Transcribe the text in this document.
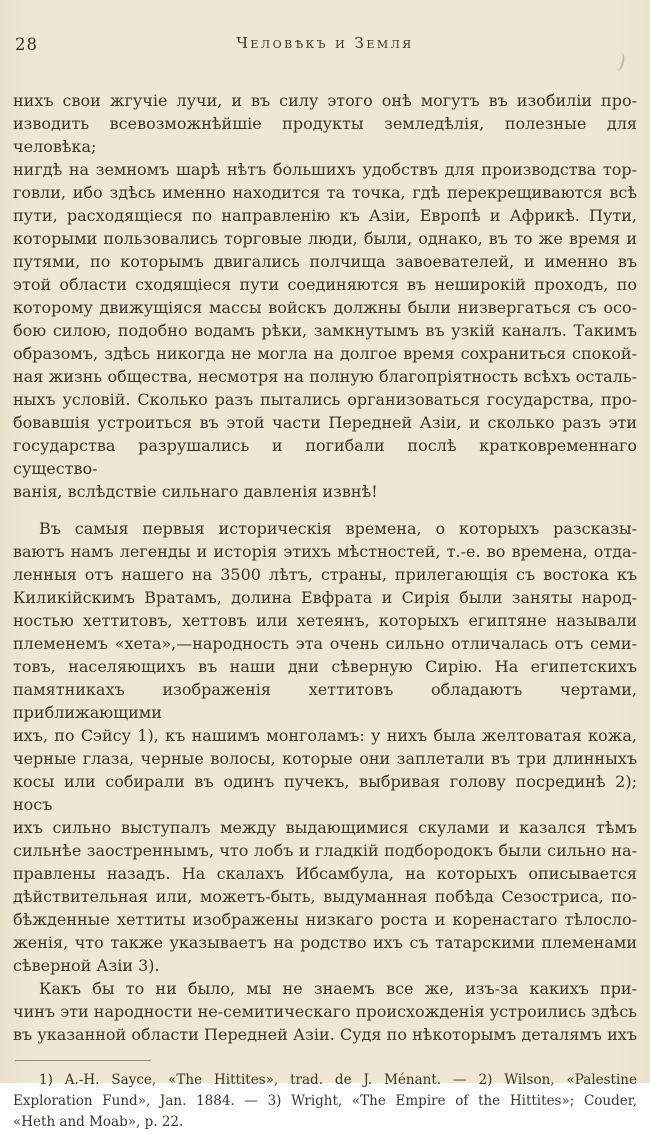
28	Человѣкъ и Земля
нихъ свои жгучіе лучи, и въ силу этого онѣ могутъ въ изобиліи про-
изводить всевозможнѣйшіе продукты земледѣлія, полезные для человѣка;
нигдѣ на земномъ шарѣ нѣтъ большихъ удобствъ для производства тор-
говли, ибо здѣсь именно находится та точка, гдѣ перекрещиваются всѣ
пути, расходящіеся по направленію къ Азіи, Европѣ и Африкѣ. Пути,
которыми пользовались торговые люди, были, однако, въ то же время и
путями, по которымъ двигались полчища завоевателей, и именно въ
этой области сходящіеся пути соединяются въ неширокій проходъ, по
которому движущіяся массы войскъ должны были низвергаться съ осо-
бою силою, подобно водамъ рѣки, замкнутымъ въ узкій каналъ. Такимъ
образомъ, здѣсь никогда не могла на долгое время сохраниться спокой-
ная жизнь общества, несмотря на полную благопріятность всѣхъ осталь-
ныхъ условій. Сколько разъ пытались организоваться государства, про-
бовавшія устроиться въ этой части Передней Азіи, и сколько разъ эти
государства разрушались и погибали послѣ кратковременнаго существо-
ванія, вслѣдствіе сильнаго давленія извнѣ!
Въ самыя первыя историческія времена, о которыхъ разсказы-
ваютъ намъ легенды и исторія этихъ мѣстностей, т.-е. во времена, отда-
ленныя отъ нашего на 3500 лѣтъ, страны, прилегающія съ востока къ
Киликійскимъ Вратамъ, долина Евфрата и Сирія были заняты народ-
ностью хеттитовъ, хеттовъ или хетеянъ, которыхъ египтяне называли
племенемъ «хета»,—народность эта очень сильно отличалась отъ семи-
товъ, населяющихъ въ наши дни сѣверную Сирію. На египетскихъ
памятникахъ изображенія хеттитовъ обладаютъ чертами, приближающими
ихъ, по Сэйсу 1), къ нашимъ монголамъ: у нихъ была желтоватая кожа,
черные глаза, черные волосы, которые они заплетали въ три длинныхъ
косы или собирали въ одинъ пучекъ, выбривая голову посрединѣ 2); носъ
ихъ сильно выступалъ между выдающимися скулами и казался тѣмъ
сильнѣе заостреннымъ, что лобъ и гладкій подбородокъ были сильно на-
правлены назадъ. На скалахъ Ибсамбула, на которыхъ описывается
дѣйствительная или, можетъ-быть, выдуманная побѣда Сезостриса, по-
бѣжденные хеттиты изображены низкаго роста и коренастаго тѣлосло-
женія, что также указываетъ на родство ихъ съ татарскими племенами
сѣверной Азіи 3).
Какъ бы то ни было, мы не знаемъ все же, изъ-за какихъ при-
чинъ эти народности не-семитическаго происхожденія устроились здѣсь
въ указанной области Передней Азіи. Судя по нѣкоторымъ деталямъ ихъ
1) A.-H. Sayce, «The Hittites», trad. de J. Ménant. — 2) Wilson, «Palestine
Exploration Fund», Jan. 1884. — 3) Wright, «The Empire of the Hittites»; Couder,
«Heth and Moab», p. 22.
